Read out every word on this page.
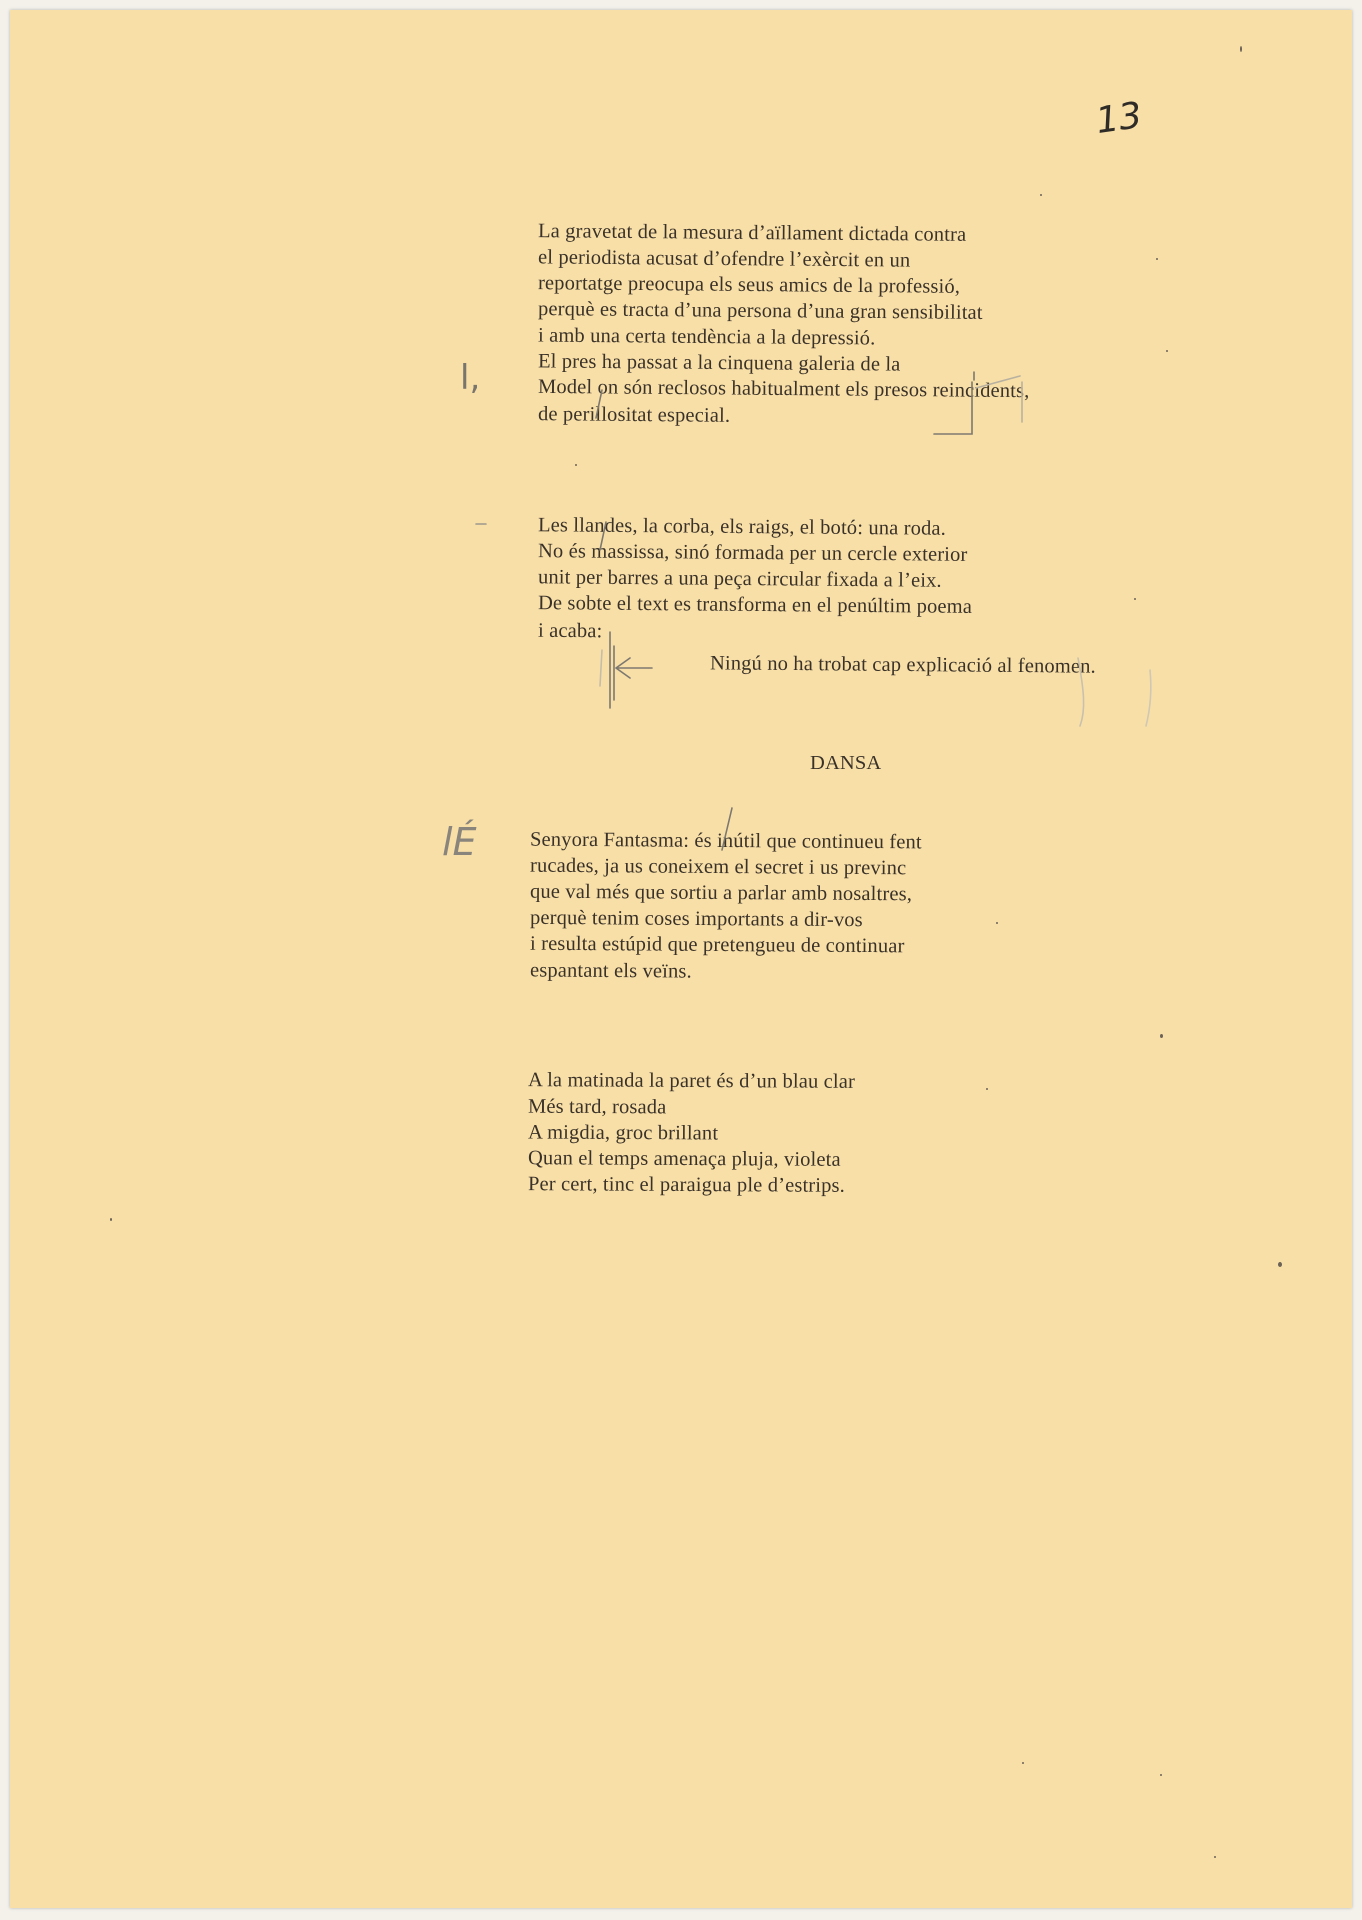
13
La gravetat de la mesura d’aïllament dictada contra
el periodista acusat d’ofendre l’exèrcit en un
reportatge preocupa els seus amics de la professió,
perquè es tracta d’una persona d’una gran sensibilitat
i amb una certa tendència a la depressió.
El pres ha passat a la cinquena galeria de la
Model on són reclosos habitualment els presos reincidents,
de perillositat especial.
l,
Les llandes, la corba, els raigs, el botó: una roda.
No és massissa, sinó formada per un cercle exterior
unit per barres a una peça circular fixada a l’eix.
De sobte el text es transforma en el penúltim poema
i acaba:
Ningú no ha trobat cap explicació al fenomen.
DANSA
Senyora Fantasma: és inútil que continueu fent
rucades, ja us coneixem el secret i us previnc
que val més que sortiu a parlar amb nosaltres,
perquè tenim coses importants a dir-vos
i resulta estúpid que pretengueu de continuar
espantant els veïns.
lÉ
A la matinada la paret és d’un blau clar
Més tard, rosada
A migdia, groc brillant
Quan el temps amenaça pluja, violeta
Per cert, tinc el paraigua ple d’estrips.
